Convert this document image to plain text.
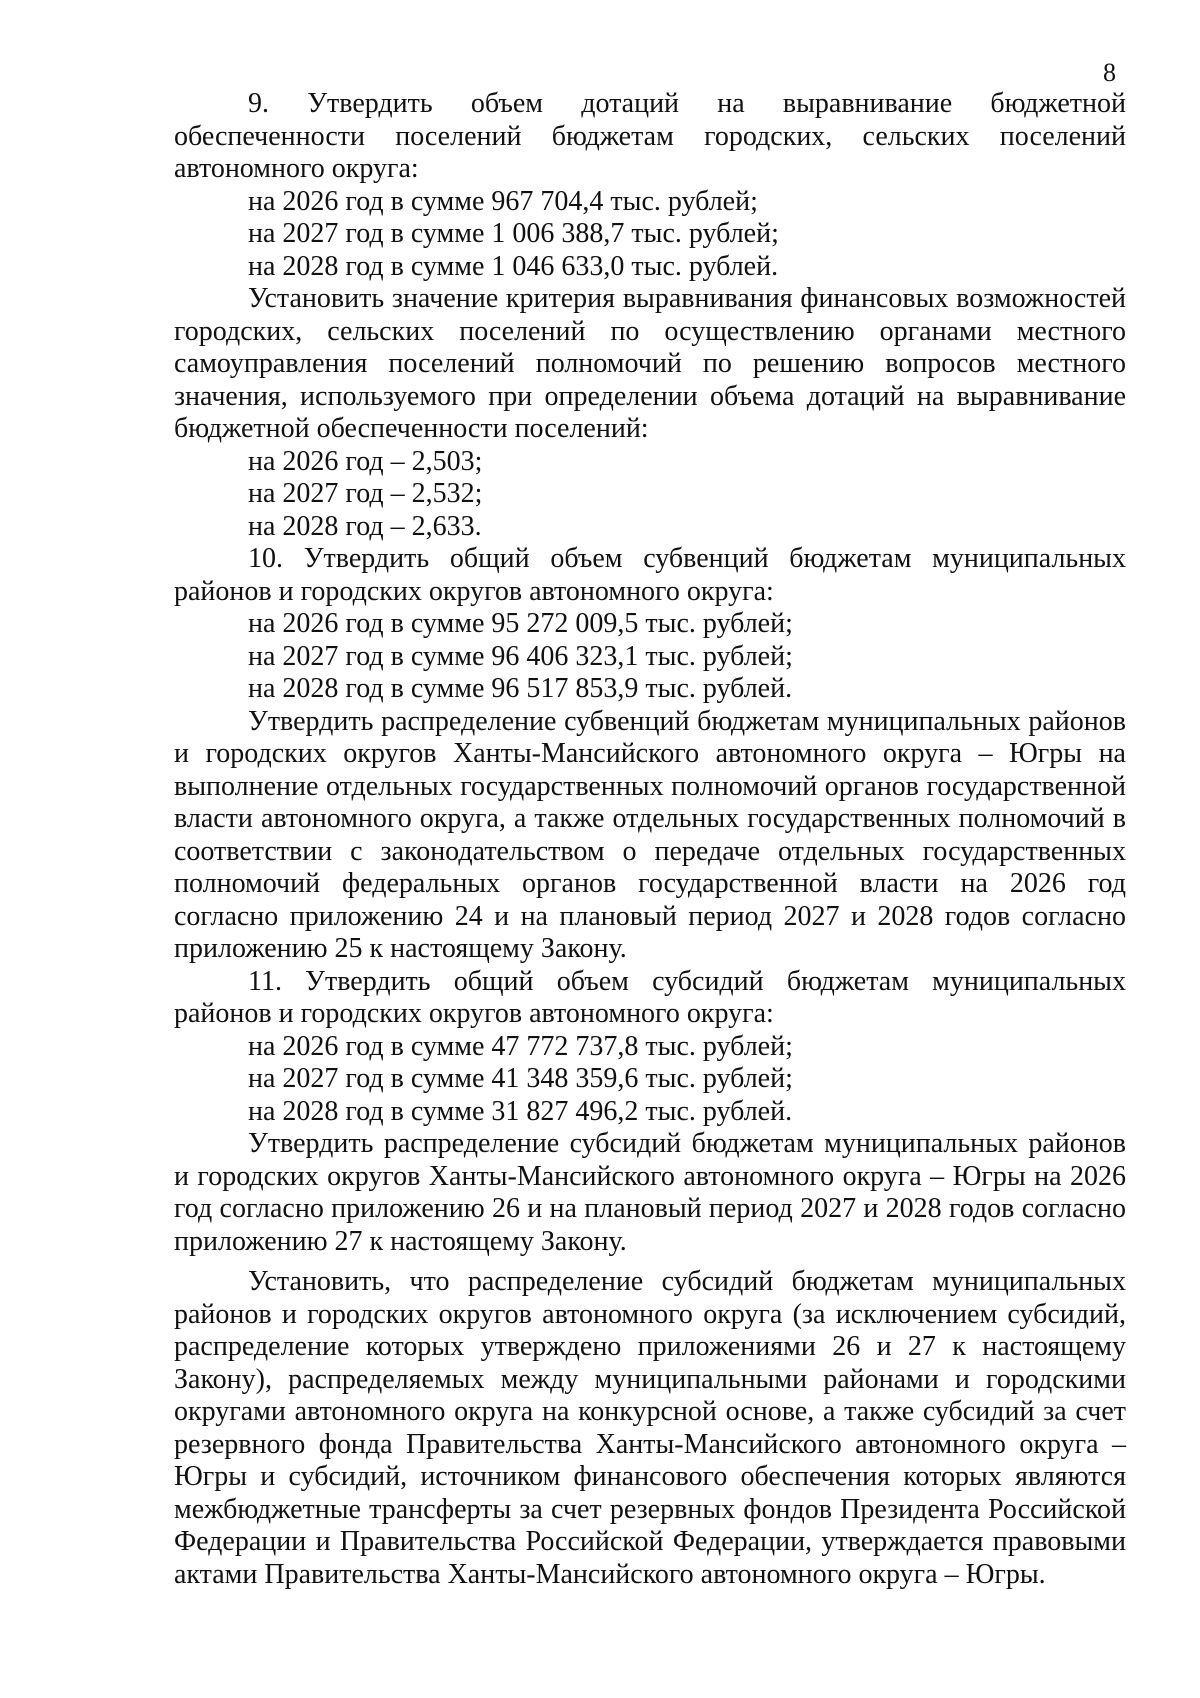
8

9. Утвердить объем дотаций на выравнивание бюджетной обеспеченности поселений бюджетам городских, сельских поселений автономного округа:

на 2026 год в сумме 967 704,4 тыс. рублей;

на 2027 год в сумме 1 006 388,7 тыс. рублей;

на 2028 год в сумме 1 046 633,0 тыс. рублей.

Установить значение критерия выравнивания финансовых возможностей городских, сельских поселений по осуществлению органами местного самоуправления поселений полномочий по решению вопросов местного значения, используемого при определении объема дотаций на выравнивание бюджетной обеспеченности поселений:

на 2026 год – 2,503;

на 2027 год – 2,532;

на 2028 год – 2,633.

10. Утвердить общий объем субвенций бюджетам муниципальных районов и городских округов автономного округа:

на 2026 год в сумме 95 272 009,5 тыс. рублей;

на 2027 год в сумме 96 406 323,1 тыс. рублей;

на 2028 год в сумме 96 517 853,9 тыс. рублей.

Утвердить распределение субвенций бюджетам муниципальных районов и городских округов Ханты-Мансийского автономного округа – Югры на выполнение отдельных государственных полномочий органов государственной власти автономного округа, а также отдельных государственных полномочий в соответствии с законодательством о передаче отдельных государственных полномочий федеральных органов государственной власти на 2026 год согласно приложению 24 и на плановый период 2027 и 2028 годов согласно приложению 25 к настоящему Закону.

11. Утвердить общий объем субсидий бюджетам муниципальных районов и городских округов автономного округа:

на 2026 год в сумме 47 772 737,8 тыс. рублей;

на 2027 год в сумме 41 348 359,6 тыс. рублей;

на 2028 год в сумме 31 827 496,2 тыс. рублей.

Утвердить распределение субсидий бюджетам муниципальных районов и городских округов Ханты-Мансийского автономного округа – Югры на 2026 год согласно приложению 26 и на плановый период 2027 и 2028 годов согласно приложению 27 к настоящему Закону.

Установить, что распределение субсидий бюджетам муниципальных районов и городских округов автономного округа (за исключением субсидий, распределение которых утверждено приложениями 26 и 27 к настоящему Закону), распределяемых между муниципальными районами и городскими округами автономного округа на конкурсной основе, а также субсидий за счет резервного фонда Правительства Ханты-Мансийского автономного округа – Югры и субсидий, источником финансового обеспечения которых являются межбюджетные трансферты за счет резервных фондов Президента Российской Федерации и Правительства Российской Федерации, утверждается правовыми актами Правительства Ханты-Мансийского автономного округа – Югры.
